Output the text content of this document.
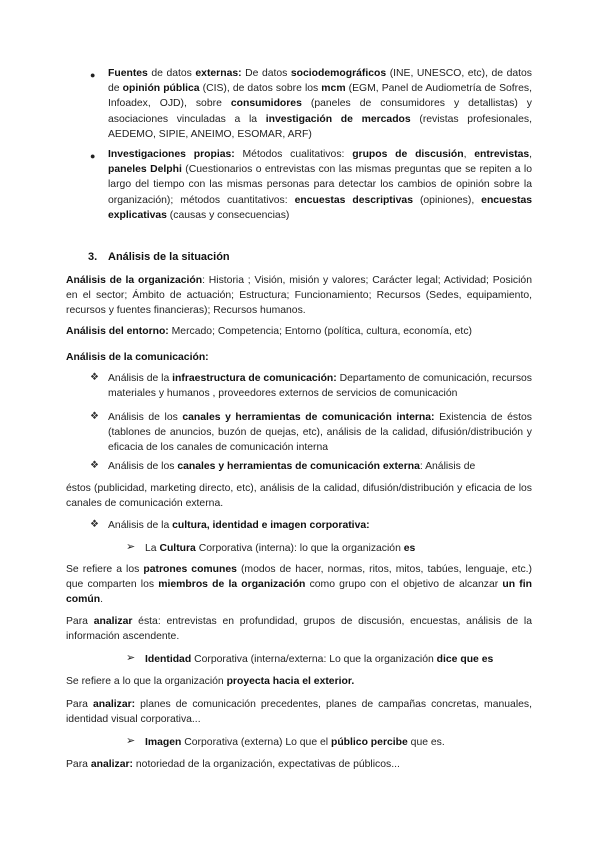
● Fuentes de datos externas: De datos sociodemográficos (INE, UNESCO, etc), de datos de opinión pública (CIS), de datos sobre los mcm (EGM, Panel de Audiometría de Sofres, Infoadex, OJD), sobre consumidores (paneles de consumidores y detallistas) y asociaciones vinculadas a la investigación de mercados (revistas profesionales, AEDEMO, SIPIE, ANEIMO, ESOMAR, ARF)
● Investigaciones propias: Métodos cualitativos: grupos de discusión, entrevistas, paneles Delphi (Cuestionarios o entrevistas con las mismas preguntas que se repiten a lo largo del tiempo con las mismas personas para detectar los cambios de opinión sobre la organización); métodos cuantitativos: encuestas descriptivas (opiniones), encuestas explicativas (causas y consecuencias)
3. Análisis de la situación
Análisis de la organización: Historia ; Visión, misión y valores; Carácter legal; Actividad; Posición en el sector; Ámbito de actuación; Estructura; Funcionamiento; Recursos (Sedes, equipamiento, recursos y fuentes financieras); Recursos humanos.
Análisis del entorno: Mercado; Competencia; Entorno (política, cultura, economía, etc)
Análisis de la comunicación:
❖ Análisis de la infraestructura de comunicación: Departamento de comunicación, recursos materiales y humanos , proveedores externos de servicios de comunicación
❖ Análisis de los canales y herramientas de comunicación interna: Existencia de éstos (tablones de anuncios, buzón de quejas, etc), análisis de la calidad, difusión/distribución y eficacia de los canales de comunicación interna
❖ Análisis de los canales y herramientas de comunicación externa: Análisis de
éstos (publicidad, marketing directo, etc), análisis de la calidad, difusión/distribución y eficacia de los canales de comunicación externa.
❖ Análisis de la cultura, identidad e imagen corporativa:
➢ La Cultura Corporativa (interna): lo que la organización es
Se refiere a los patrones comunes (modos de hacer, normas, ritos, mitos, tabúes, lenguaje, etc.) que comparten los miembros de la organización como grupo con el objetivo de alcanzar un fin común.
Para analizar ésta: entrevistas en profundidad, grupos de discusión, encuestas, análisis de la información ascendente.
➢ Identidad Corporativa (interna/externa: Lo que la organización dice que es
Se refiere a lo que la organización proyecta hacia el exterior.
Para analizar: planes de comunicación precedentes, planes de campañas concretas, manuales, identidad visual corporativa...
➢ Imagen Corporativa (externa) Lo que el público percibe que es.
Para analizar: notoriedad de la organización, expectativas de públicos...
